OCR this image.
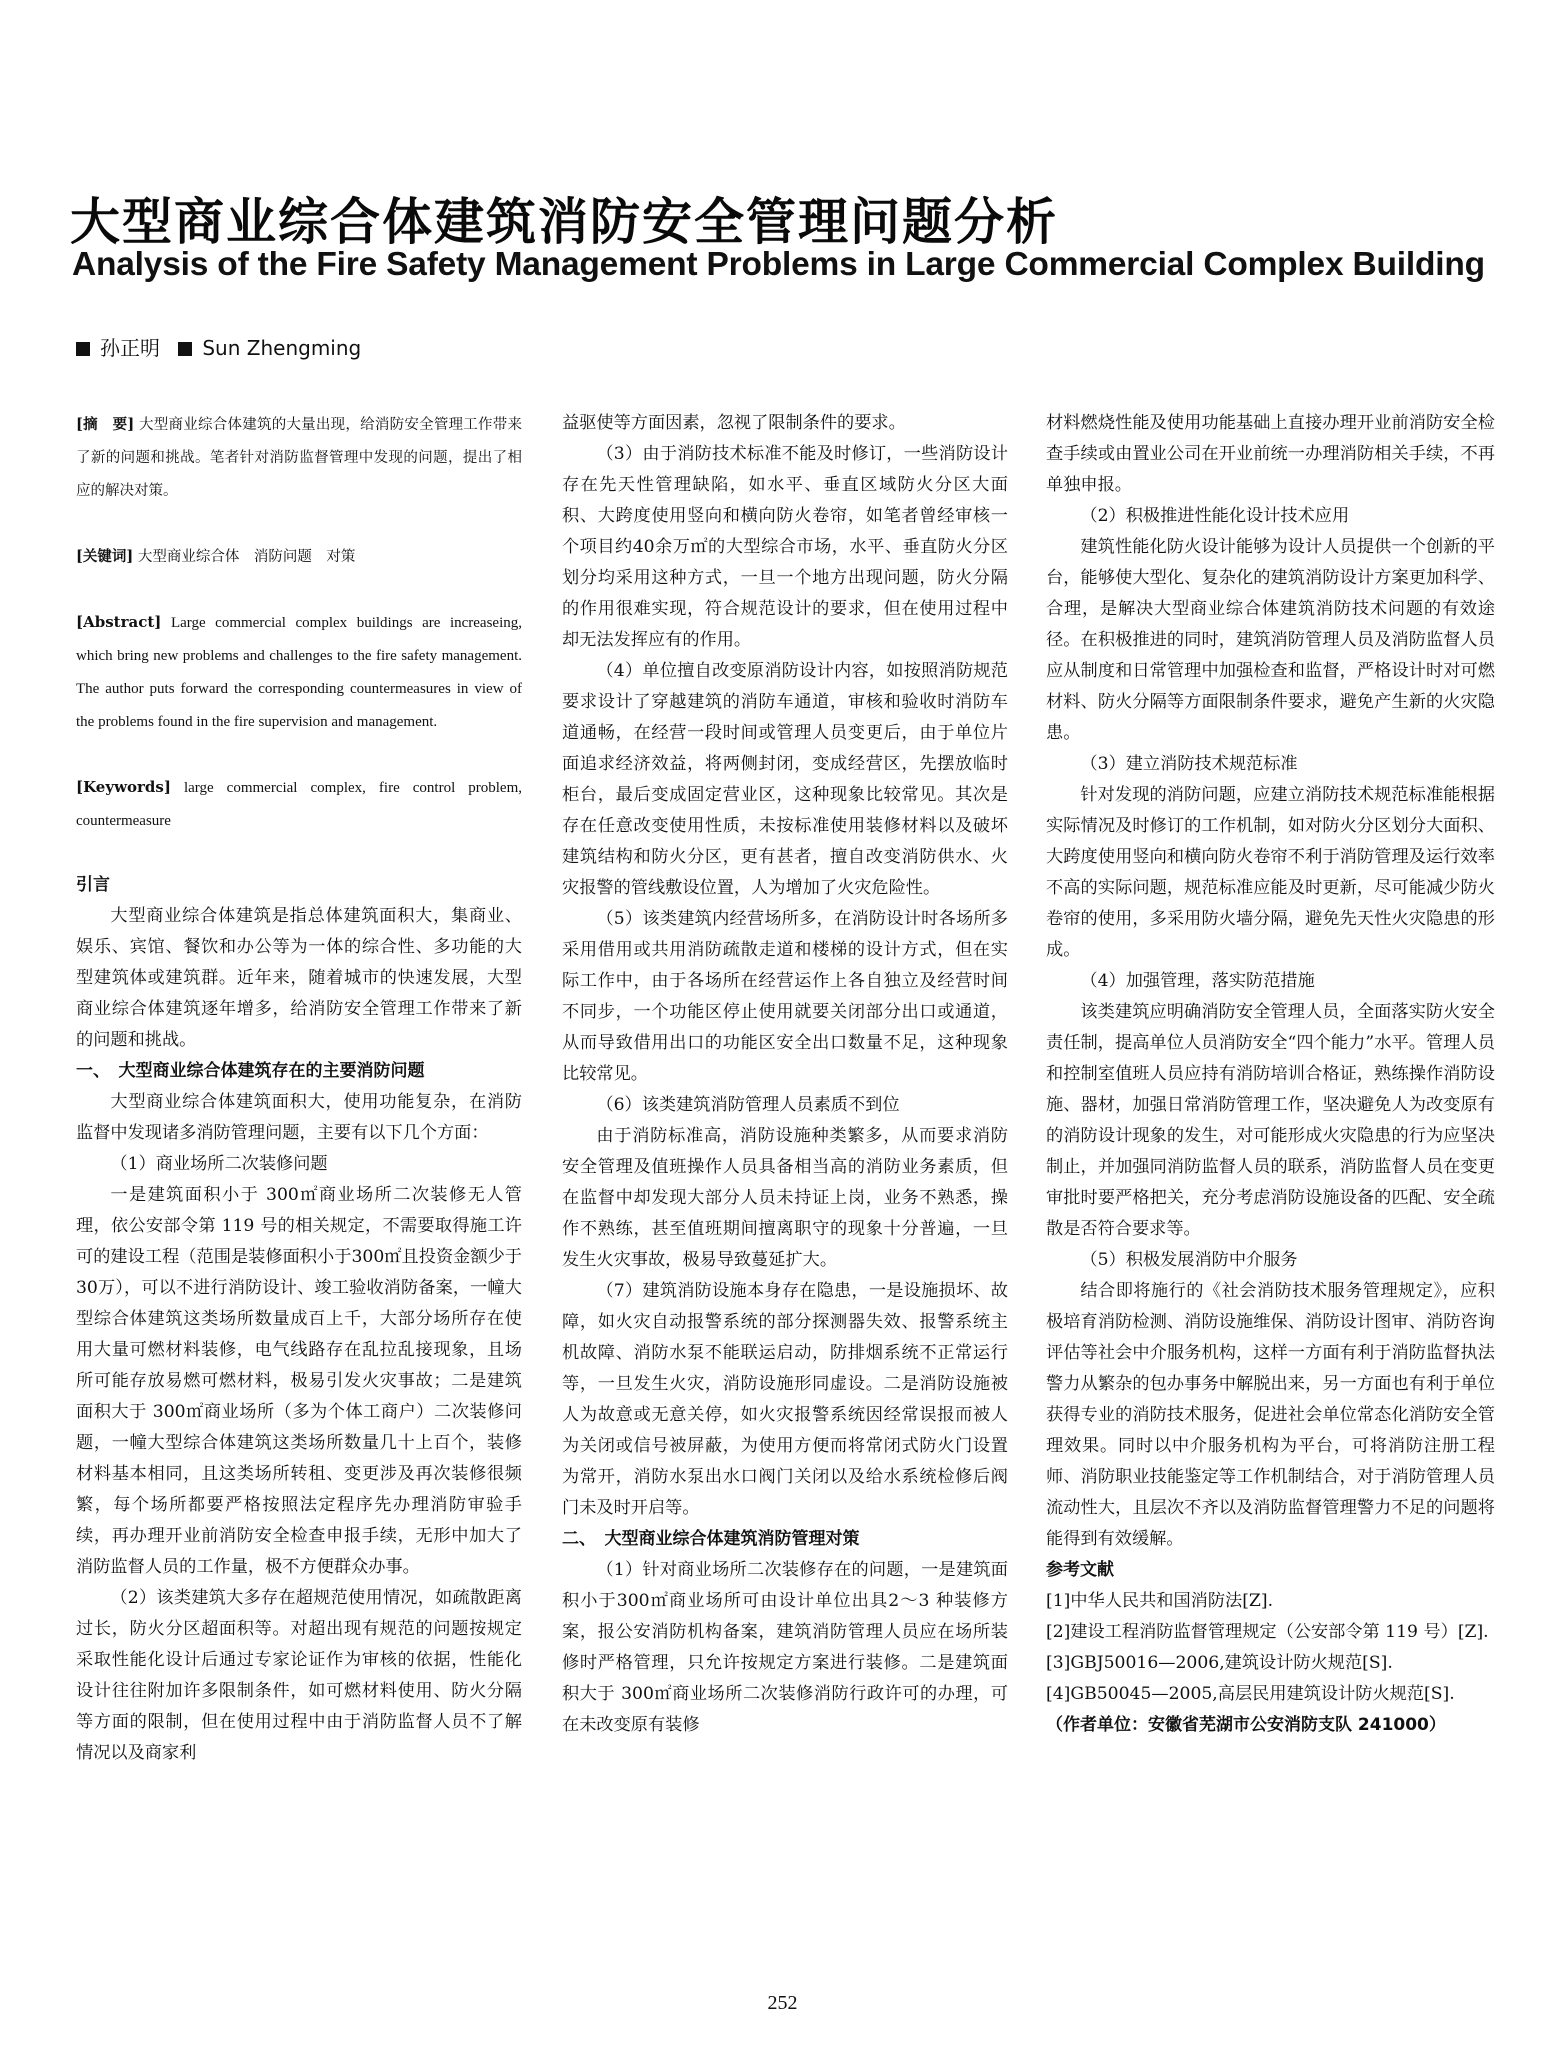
大型商业综合体建筑消防安全管理问题分析
Analysis of the Fire Safety Management Problems in Large Commercial Complex Building
孙正明 Sun Zhengming

[摘　要] 大型商业综合体建筑的大量出现，给消防安全管理工作带来了新的问题和挑战。笔者针对消防监督管理中发现的问题，提出了相应的解决对策。

[关键词] 大型商业综合体　消防问题　对策

[Abstract] Large commercial complex buildings are increaseing, which bring new problems and challenges to the fire safety management. The author puts forward the corresponding countermeasures in view of the problems found in the fire supervision and management.

[Keywords] large commercial complex, fire control problem, countermeasure

引言

大型商业综合体建筑是指总体建筑面积大，集商业、娱乐、宾馆、餐饮和办公等为一体的综合性、多功能的大型建筑体或建筑群。近年来，随着城市的快速发展，大型商业综合体建筑逐年增多，给消防安全管理工作带来了新的问题和挑战。

一、　大型商业综合体建筑存在的主要消防问题

大型商业综合体建筑面积大，使用功能复杂，在消防监督中发现诸多消防管理问题，主要有以下几个方面：

（1）商业场所二次装修问题

一是建筑面积小于 300㎡商业场所二次装修无人管理，依公安部令第 119 号的相关规定，不需要取得施工许可的建设工程（范围是装修面积小于300㎡且投资金额少于30万），可以不进行消防设计、竣工验收消防备案，一幢大型综合体建筑这类场所数量成百上千，大部分场所存在使用大量可燃材料装修，电气线路存在乱拉乱接现象，且场所可能存放易燃可燃材料，极易引发火灾事故；二是建筑面积大于 300㎡商业场所（多为个体工商户）二次装修问题，一幢大型综合体建筑这类场所数量几十上百个，装修材料基本相同，且这类场所转租、变更涉及再次装修很频繁，每个场所都要严格按照法定程序先办理消防审验手续，再办理开业前消防安全检查申报手续，无形中加大了消防监督人员的工作量，极不方便群众办事。

（2）该类建筑大多存在超规范使用情况，如疏散距离过长，防火分区超面积等。对超出现有规范的问题按规定采取性能化设计后通过专家论证作为审核的依据，性能化设计往往附加许多限制条件，如可燃材料使用、防火分隔等方面的限制，但在使用过程中由于消防监督人员不了解情况以及商家利

益驱使等方面因素，忽视了限制条件的要求。

（3）由于消防技术标准不能及时修订，一些消防设计存在先天性管理缺陷，如水平、垂直区域防火分区大面积、大跨度使用竖向和横向防火卷帘，如笔者曾经审核一个项目约40余万㎡的大型综合市场，水平、垂直防火分区划分均采用这种方式，一旦一个地方出现问题，防火分隔的作用很难实现，符合规范设计的要求，但在使用过程中却无法发挥应有的作用。

（4）单位擅自改变原消防设计内容，如按照消防规范要求设计了穿越建筑的消防车通道，审核和验收时消防车道通畅，在经营一段时间或管理人员变更后，由于单位片面追求经济效益，将两侧封闭，变成经营区，先摆放临时柜台，最后变成固定营业区，这种现象比较常见。其次是存在任意改变使用性质，未按标准使用装修材料以及破坏建筑结构和防火分区，更有甚者，擅自改变消防供水、火灾报警的管线敷设位置，人为增加了火灾危险性。

（5）该类建筑内经营场所多，在消防设计时各场所多采用借用或共用消防疏散走道和楼梯的设计方式，但在实际工作中，由于各场所在经营运作上各自独立及经营时间不同步，一个功能区停止使用就要关闭部分出口或通道，从而导致借用出口的功能区安全出口数量不足，这种现象比较常见。

（6）该类建筑消防管理人员素质不到位

由于消防标准高，消防设施种类繁多，从而要求消防安全管理及值班操作人员具备相当高的消防业务素质，但在监督中却发现大部分人员未持证上岗，业务不熟悉，操作不熟练，甚至值班期间擅离职守的现象十分普遍，一旦发生火灾事故，极易导致蔓延扩大。

（7）建筑消防设施本身存在隐患，一是设施损坏、故障，如火灾自动报警系统的部分探测器失效、报警系统主机故障、消防水泵不能联运启动，防排烟系统不正常运行等，一旦发生火灾，消防设施形同虚设。二是消防设施被人为故意或无意关停，如火灾报警系统因经常误报而被人为关闭或信号被屏蔽，为使用方便而将常闭式防火门设置为常开，消防水泵出水口阀门关闭以及给水系统检修后阀门未及时开启等。

二、　大型商业综合体建筑消防管理对策

（1）针对商业场所二次装修存在的问题，一是建筑面积小于300㎡商业场所可由设计单位出具2～3 种装修方案，报公安消防机构备案，建筑消防管理人员应在场所装修时严格管理，只允许按规定方案进行装修。二是建筑面积大于 300㎡商业场所二次装修消防行政许可的办理，可在未改变原有装修

材料燃烧性能及使用功能基础上直接办理开业前消防安全检查手续或由置业公司在开业前统一办理消防相关手续，不再单独申报。

（2）积极推进性能化设计技术应用

建筑性能化防火设计能够为设计人员提供一个创新的平台，能够使大型化、复杂化的建筑消防设计方案更加科学、合理，是解决大型商业综合体建筑消防技术问题的有效途径。在积极推进的同时，建筑消防管理人员及消防监督人员应从制度和日常管理中加强检查和监督，严格设计时对可燃材料、防火分隔等方面限制条件要求，避免产生新的火灾隐患。

（3）建立消防技术规范标准

针对发现的消防问题，应建立消防技术规范标准能根据实际情况及时修订的工作机制，如对防火分区划分大面积、大跨度使用竖向和横向防火卷帘不利于消防管理及运行效率不高的实际问题，规范标准应能及时更新，尽可能减少防火卷帘的使用，多采用防火墙分隔，避免先天性火灾隐患的形成。

（4）加强管理，落实防范措施

该类建筑应明确消防安全管理人员，全面落实防火安全责任制，提高单位人员消防安全“四个能力”水平。管理人员和控制室值班人员应持有消防培训合格证，熟练操作消防设施、器材，加强日常消防管理工作，坚决避免人为改变原有的消防设计现象的发生，对可能形成火灾隐患的行为应坚决制止，并加强同消防监督人员的联系，消防监督人员在变更审批时要严格把关，充分考虑消防设施设备的匹配、安全疏散是否符合要求等。

（5）积极发展消防中介服务

结合即将施行的《社会消防技术服务管理规定》，应积极培育消防检测、消防设施维保、消防设计图审、消防咨询评估等社会中介服务机构，这样一方面有利于消防监督执法警力从繁杂的包办事务中解脱出来，另一方面也有利于单位获得专业的消防技术服务，促进社会单位常态化消防安全管理效果。同时以中介服务机构为平台，可将消防注册工程师、消防职业技能鉴定等工作机制结合，对于消防管理人员流动性大，且层次不齐以及消防监督管理警力不足的问题将能得到有效缓解。

参考文献

[1]中华人民共和国消防法[Z].

[2]建设工程消防监督管理规定（公安部令第 119 号）[Z].

[3]GBJ50016—2006,建筑设计防火规范[S].

[4]GB50045—2005,高层民用建筑设计防火规范[S].

（作者单位：安徽省芜湖市公安消防支队 241000）

252
